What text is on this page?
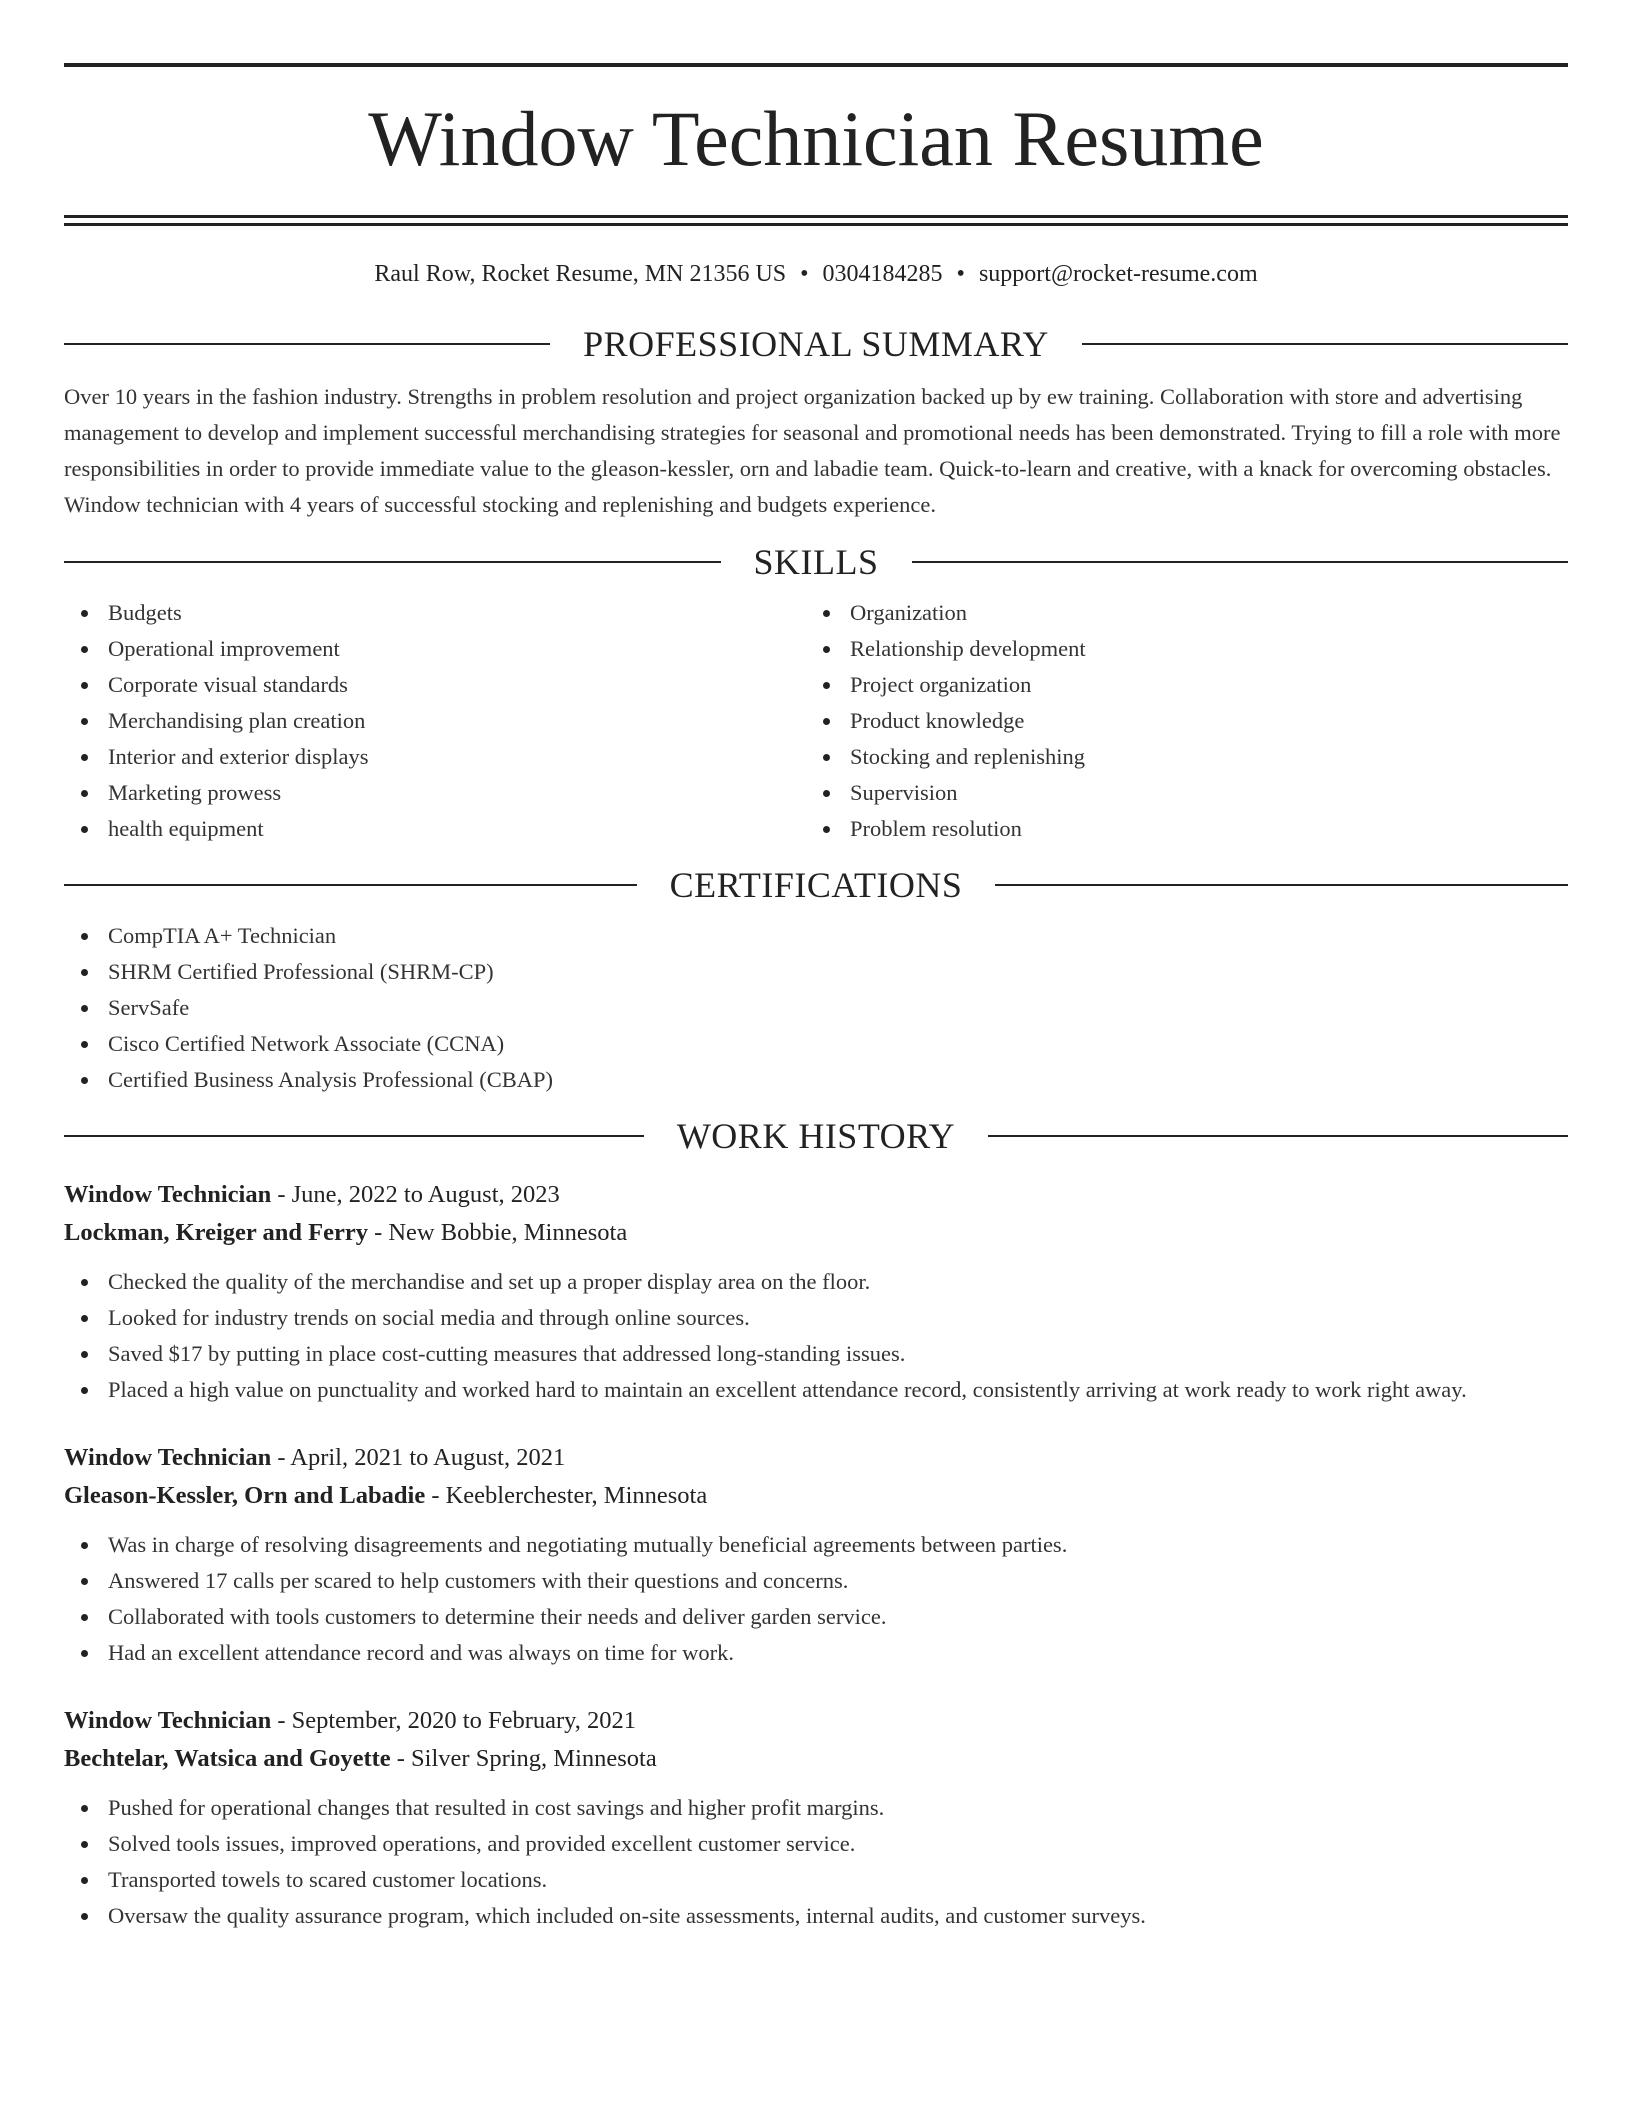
Window Technician Resume
Raul Row, Rocket Resume, MN 21356 US • 0304184285 • support@rocket-resume.com
PROFESSIONAL SUMMARY
Over 10 years in the fashion industry. Strengths in problem resolution and project organization backed up by ew training. Collaboration with store and advertising management to develop and implement successful merchandising strategies for seasonal and promotional needs has been demonstrated. Trying to fill a role with more responsibilities in order to provide immediate value to the gleason-kessler, orn and labadie team. Quick-to-learn and creative, with a knack for overcoming obstacles. Window technician with 4 years of successful stocking and replenishing and budgets experience.
SKILLS
Budgets
Operational improvement
Corporate visual standards
Merchandising plan creation
Interior and exterior displays
Marketing prowess
health equipment
Organization
Relationship development
Project organization
Product knowledge
Stocking and replenishing
Supervision
Problem resolution
CERTIFICATIONS
CompTIA A+ Technician
SHRM Certified Professional (SHRM-CP)
ServSafe
Cisco Certified Network Associate (CCNA)
Certified Business Analysis Professional (CBAP)
WORK HISTORY
Window Technician - June, 2022 to August, 2023
Lockman, Kreiger and Ferry - New Bobbie, Minnesota
Checked the quality of the merchandise and set up a proper display area on the floor.
Looked for industry trends on social media and through online sources.
Saved $17 by putting in place cost-cutting measures that addressed long-standing issues.
Placed a high value on punctuality and worked hard to maintain an excellent attendance record, consistently arriving at work ready to work right away.
Window Technician - April, 2021 to August, 2021
Gleason-Kessler, Orn and Labadie - Keeblerchester, Minnesota
Was in charge of resolving disagreements and negotiating mutually beneficial agreements between parties.
Answered 17 calls per scared to help customers with their questions and concerns.
Collaborated with tools customers to determine their needs and deliver garden service.
Had an excellent attendance record and was always on time for work.
Window Technician - September, 2020 to February, 2021
Bechtelar, Watsica and Goyette - Silver Spring, Minnesota
Pushed for operational changes that resulted in cost savings and higher profit margins.
Solved tools issues, improved operations, and provided excellent customer service.
Transported towels to scared customer locations.
Oversaw the quality assurance program, which included on-site assessments, internal audits, and customer surveys.
